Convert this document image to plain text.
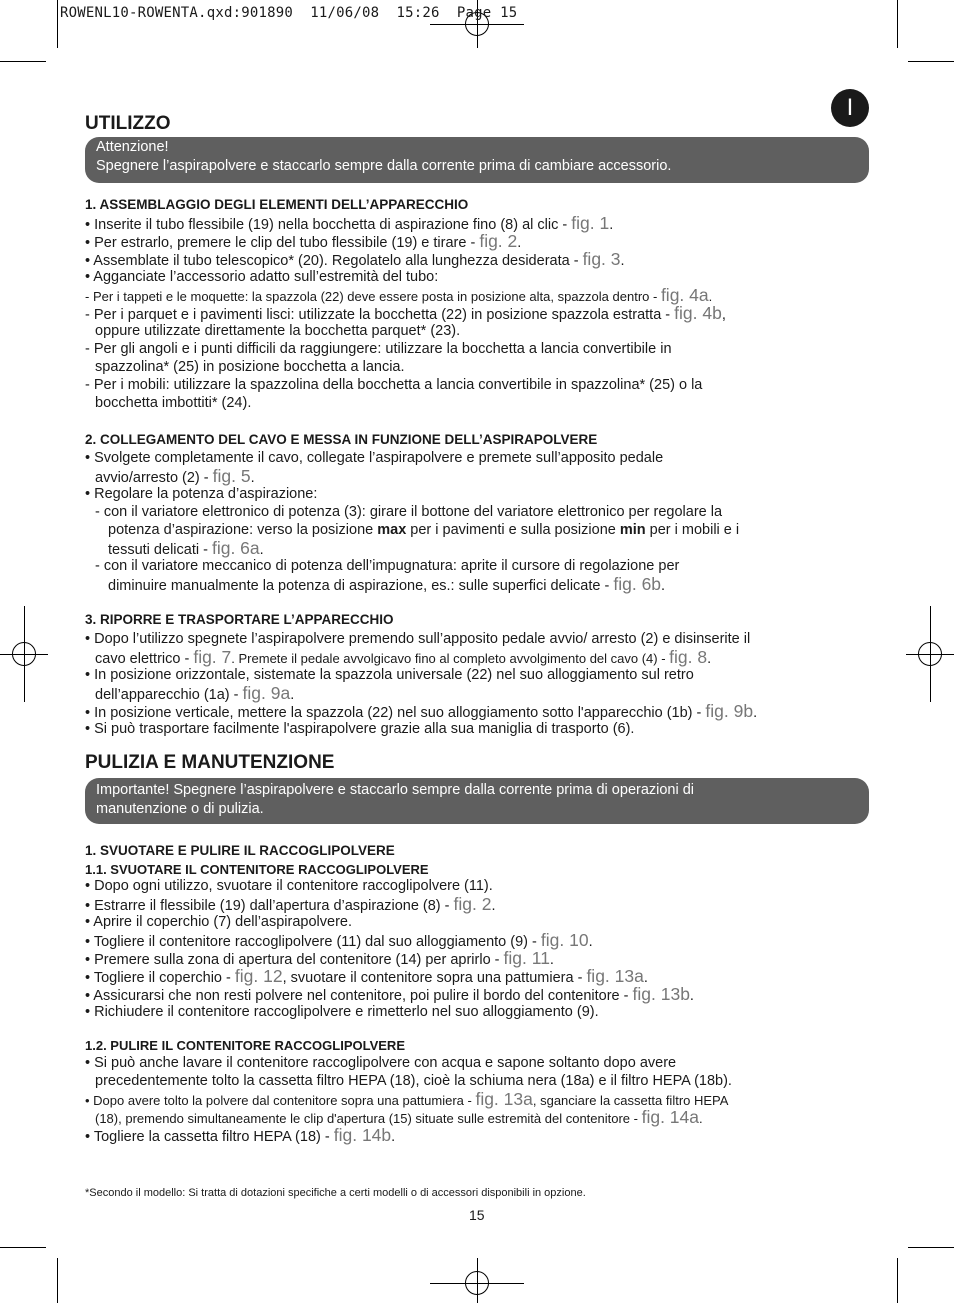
ROWENL10-ROWENTA.qxd:901890  11/06/08  15:26  Page 15
I
UTILIZZO
Attenzione!
Spegnere l’aspirapolvere e staccarlo sempre dalla corrente prima di cambiare accessorio.
1. ASSEMBLAGGIO DEGLI ELEMENTI DELL’APPARECCHIO
• Inserite il tubo flessibile (19) nella bocchetta di aspirazione fino (8) al clic - fig. 1.
• Per estrarlo, premere le clip del tubo flessibile (19) e tirare - fig. 2.
• Assemblate il tubo telescopico* (20). Regolatelo alla lunghezza desiderata - fig. 3.
• Agganciate l’accessorio adatto sull’estremità del tubo:
- Per i tappeti e le moquette: la spazzola (22) deve essere posta in posizione alta, spazzola dentro - fig. 4a.
- Per i parquet e i pavimenti lisci: utilizzate la bocchetta (22) in posizione spazzola estratta - fig. 4b,
oppure utilizzate direttamente la bocchetta parquet* (23).
- Per gli angoli e i punti difficili da raggiungere: utilizzare la bocchetta a lancia convertibile in
spazzolina* (25) in posizione bocchetta a lancia.
- Per i mobili: utilizzare la spazzolina della bocchetta a lancia convertibile in spazzolina* (25) o la
bocchetta imbottiti* (24).
2. COLLEGAMENTO DEL CAVO E MESSA IN FUNZIONE DELL’ASPIRAPOLVERE
• Svolgete completamente il cavo, collegate l’aspirapolvere e premete sull’apposito pedale
avvio/arresto (2) - fig. 5.
• Regolare la potenza d’aspirazione:
- con il variatore elettronico di potenza (3): girare il bottone del variatore elettronico per regolare la
potenza d’aspirazione: verso la posizione max per i pavimenti e sulla posizione min per i mobili e i
tessuti delicati - fig. 6a.
- con il variatore meccanico di potenza dell’impugnatura: aprite il cursore di regolazione per
diminuire manualmente la potenza di aspirazione, es.: sulle superfici delicate - fig. 6b.
3. RIPORRE E TRASPORTARE L’APPARECCHIO
• Dopo l’utilizzo spegnete l’aspirapolvere premendo sull’apposito pedale avvio/ arresto (2) e disinserite il
cavo elettrico - fig. 7. Premete il pedale avvolgicavo fino al completo avvolgimento del cavo (4) - fig. 8.
• In posizione orizzontale, sistemate la spazzola universale (22) nel suo alloggiamento sul retro
dell’apparecchio (1a) - fig. 9a.
• In posizione verticale, mettere la spazzola (22) nel suo alloggiamento sotto l'apparecchio (1b) - fig. 9b.
• Si può trasportare facilmente l'aspirapolvere grazie alla sua maniglia di trasporto (6).
PULIZIA E MANUTENZIONE
Importante! Spegnere l’aspirapolvere e staccarlo sempre dalla corrente prima di operazioni di
manutenzione o di pulizia.
1. SVUOTARE E PULIRE IL RACCOGLIPOLVERE
1.1. SVUOTARE IL CONTENITORE RACCOGLIPOLVERE
• Dopo ogni utilizzo, svuotare il contenitore raccoglipolvere (11).
• Estrarre il flessibile (19) dall’apertura d’aspirazione (8) - fig. 2.
• Aprire il coperchio (7) dell’aspirapolvere.
• Togliere il contenitore raccoglipolvere (11) dal suo alloggiamento (9) - fig. 10.
• Premere sulla zona di apertura del contenitore (14) per aprirlo - fig. 11.
• Togliere il coperchio - fig. 12, svuotare il contenitore sopra una pattumiera - fig. 13a.
• Assicurarsi che non resti polvere nel contenitore, poi pulire il bordo del contenitore - fig. 13b.
• Richiudere il contenitore raccoglipolvere e rimetterlo nel suo alloggiamento (9).
1.2. PULIRE IL CONTENITORE RACCOGLIPOLVERE
• Si può anche lavare il contenitore raccoglipolvere con acqua e sapone soltanto dopo avere
precedentemente tolto la cassetta filtro HEPA (18), cioè la schiuma nera (18a) e il filtro HEPA (18b).
• Dopo avere tolto la polvere dal contenitore sopra una pattumiera - fig. 13a, sganciare la cassetta filtro HEPA
(18), premendo simultaneamente le clip d'apertura (15) situate sulle estremità del contenitore - fig. 14a.
• Togliere la cassetta filtro HEPA (18) - fig. 14b.
*Secondo il modello: Si tratta di dotazioni specifiche a certi modelli o di accessori disponibili in opzione.
15
